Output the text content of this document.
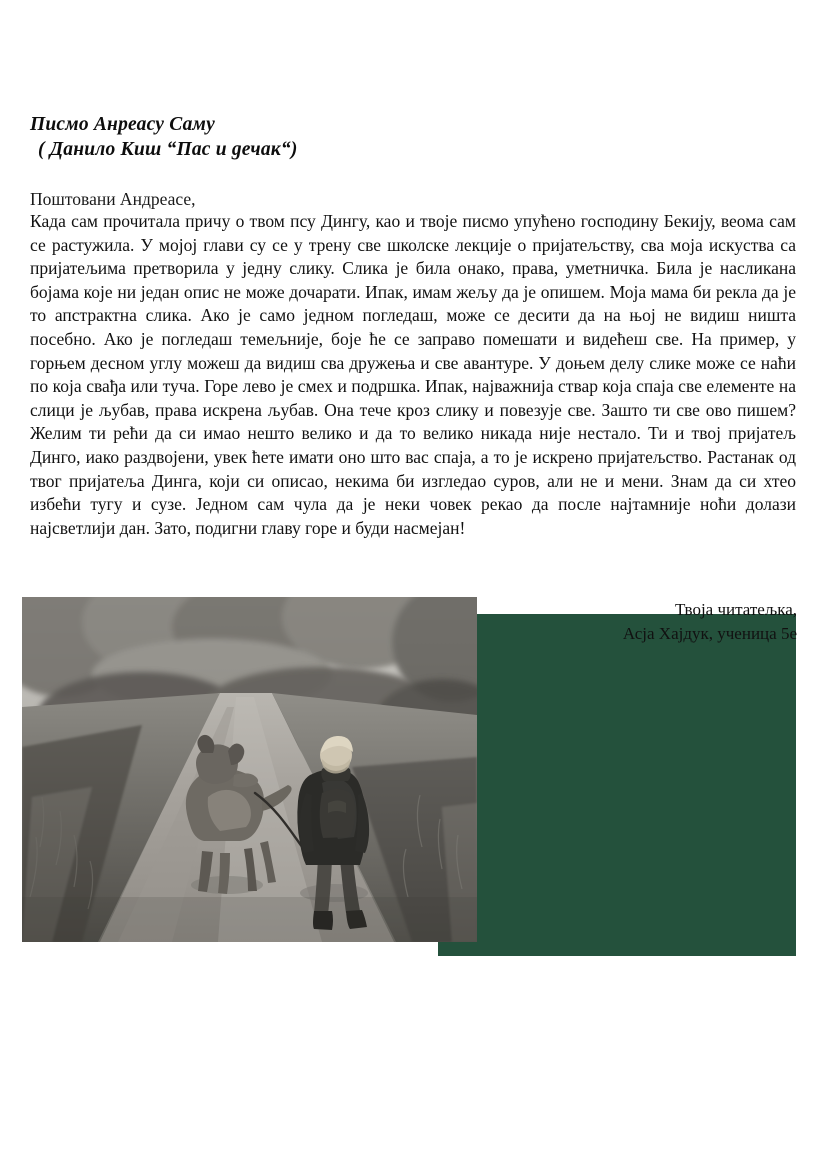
Писмо Анреасу Саму

( Данило Киш “Пас и дечак“)

Поштовани Андреасе,
Када сам прочитала причу о твом псу Дингу, као и твоје писмо упућено господину Бекију, веома сам се растужила. У мојој глави су се у трену све школске лекције о пријатељству, сва моја искуства са пријатељима претворила у једну слику. Слика је била онако, права, уметничка. Била је насликана бојама које ни један опис не може дочарати. Ипак, имам жељу да је опишем. Моја мама би рекла да је то апстрактна слика. Ако је само једном погледаш, може се десити да на њој не видиш ништа посебно. Ако је погледаш темељније, боје ће се заправо помешати и видећеш све. На пример, у горњем десном углу можеш да видиш сва дружења и све авантуре. У доњем делу слике може се наћи по која свађа или туча. Горе лево је смех и подршка. Ипак, најважнија ствар која спаја све елементе на слици је љубав, права искрена љубав. Она тече кроз слику и повезује све. Зашто ти све ово пишем? Желим ти рећи да си имао нешто велико и да то велико никада није нестало. Ти и твој пријатељ Динго, иако раздвојени, увек ћете имати оно што вас спаја, а то је искрено пријатељство. Растанак од твог пријатеља Динга, који си описао, некима би изгледао суров, али не и мени. Знам да си хтео избећи тугу и сузе. Једном сам чула да је неки човек рекао да после најтамније ноћи долази најсветлији дан. Зато, подигни главу горе и буди насмејан!
Твоја читатељка,
Асја Хајдук, ученица 5е
